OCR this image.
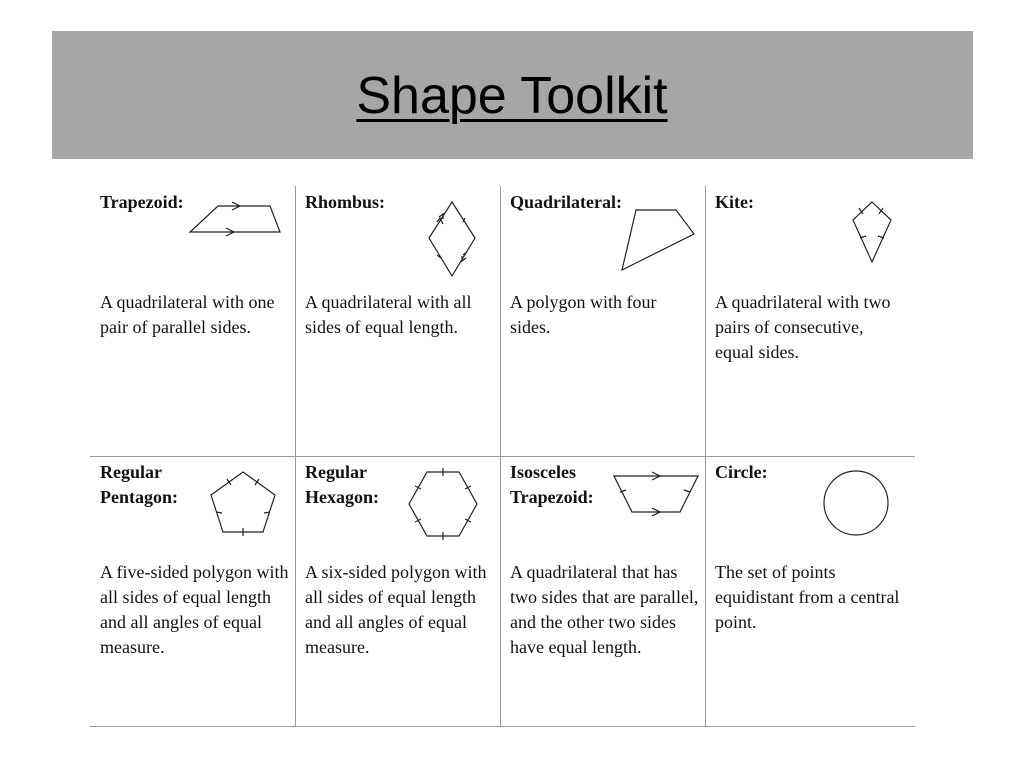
Shape Toolkit
Trapezoid:
A quadrilateral with one pair of parallel sides.
Rhombus:
A quadrilateral with all sides of equal length.
Quadrilateral:
A polygon with four sides.
Kite:
A quadrilateral with two pairs of consecutive, equal sides.
Regular Pentagon:
A five-sided polygon with all sides of equal length and all angles of equal measure.
Regular Hexagon:
A six-sided polygon with all sides of equal length and all angles of equal measure.
Isosceles Trapezoid:
A quadrilateral that has two sides that are parallel, and the other two sides have equal length.
Circle:
The set of points equidistant from a central point.
